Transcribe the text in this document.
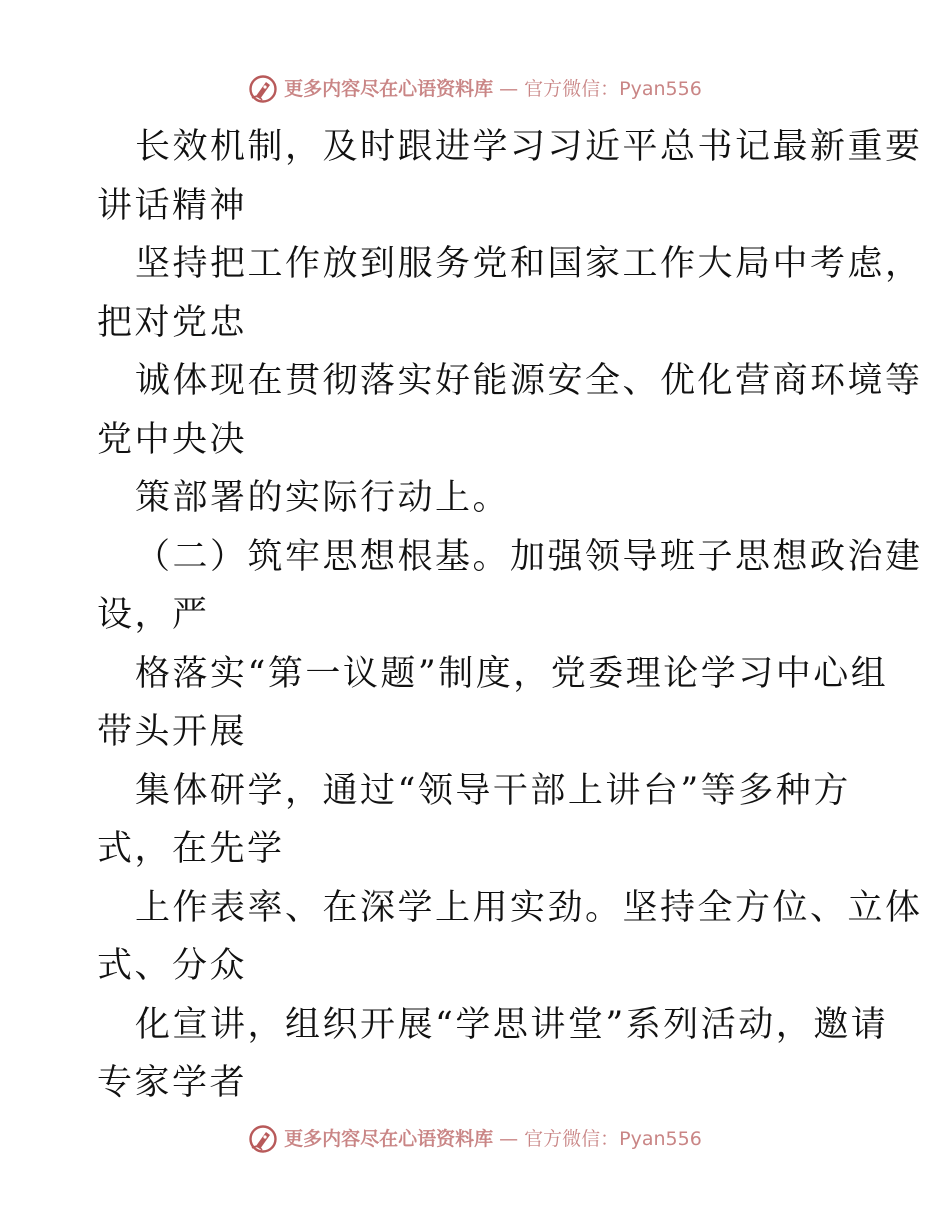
更多内容尽在心语资料库 — 官方微信：Pyan556
长效机制，及时跟进学习习近平总书记最新重要
讲话精神
坚持把工作放到服务党和国家工作大局中考虑，
把对党忠
诚体现在贯彻落实好能源安全、优化营商环境等
党中央决
策部署的实际行动上。
（二）筑牢思想根基。加强领导班子思想政治建
设，严
格落实“第一议题”制度，党委理论学习中心组
带头开展
集体研学，通过“领导干部上讲台”等多种方
式，在先学
上作表率、在深学上用实劲。坚持全方位、立体
式、分众
化宣讲，组织开展“学思讲堂”系列活动，邀请
专家学者
更多内容尽在心语资料库 — 官方微信：Pyan556
